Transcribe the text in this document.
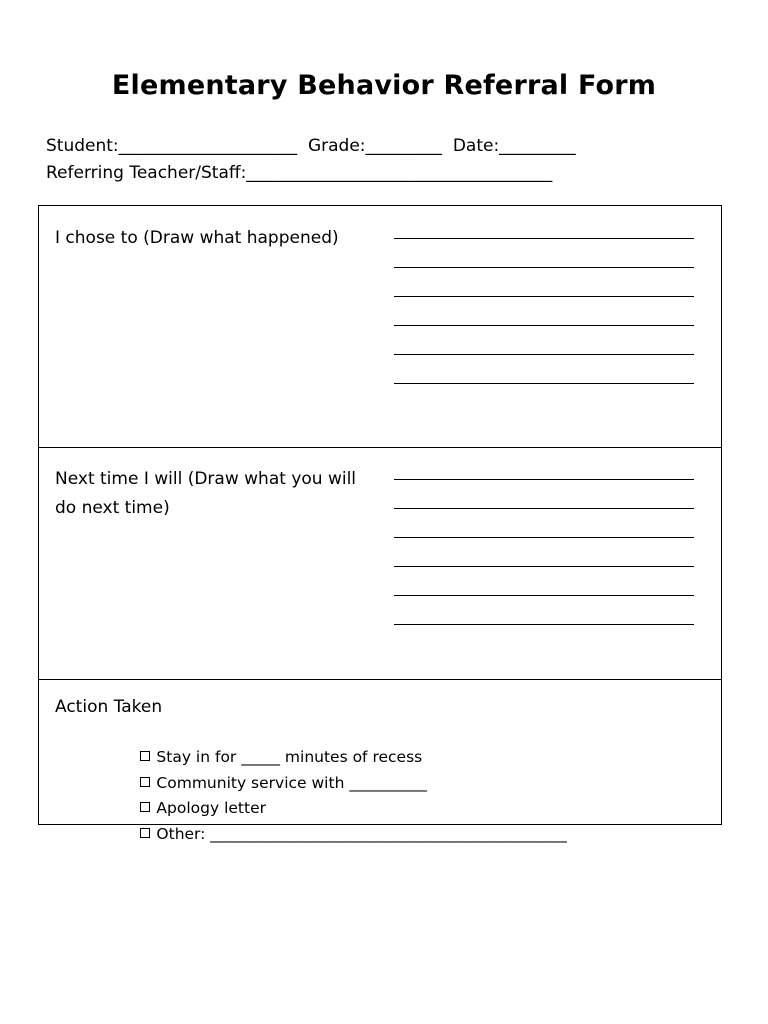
Elementary Behavior Referral Form
Student:_____________________  Grade:_________  Date:_________
Referring Teacher/Staff:____________________________________
I chose to (Draw what happened)
Next time I will (Draw what you will do next time)
Action Taken

Stay in for _____ minutes of recess

Community service with __________

Apology letter

Other: ______________________________________________
